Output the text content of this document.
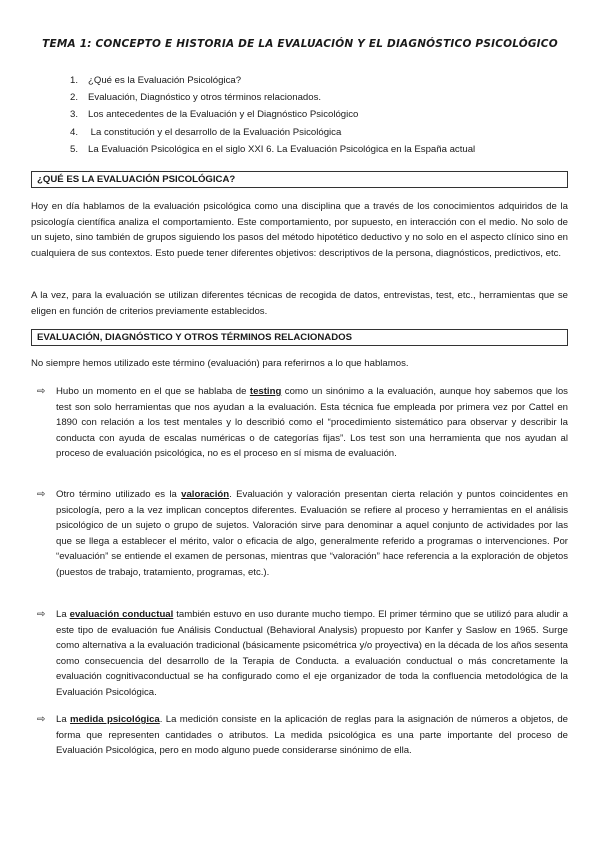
TEMA 1: CONCEPTO E HISTORIA DE LA EVALUACIÓN Y EL DIAGNÓSTICO PSICOLÓGICO
1. ¿Qué es la Evaluación Psicológica?
2. Evaluación, Diagnóstico y otros términos relacionados.
3. Los antecedentes de la Evaluación y el Diagnóstico Psicológico
4. La constitución y el desarrollo de la Evaluación Psicológica
5. La Evaluación Psicológica en el siglo XXI 6. La Evaluación Psicológica en la España actual
¿QUÉ ES LA EVALUACIÓN PSICOLÓGICA?

Hoy en día hablamos de la evaluación psicológica como una disciplina que a través de los conocimientos adquiridos de la psicología científica analiza el comportamiento. Este comportamiento, por supuesto, en interacción con el medio. No solo de un sujeto, sino también de grupos siguiendo los pasos del método hipotético deductivo y no solo en el aspecto clínico sino en cualquiera de sus contextos. Esto puede tener diferentes objetivos: descriptivos de la persona, diagnósticos, predictivos, etc.

A la vez, para la evaluación se utilizan diferentes técnicas de recogida de datos, entrevistas, test, etc., herramientas que se eligen en función de criterios previamente establecidos.

EVALUACIÓN, DIAGNÓSTICO Y OTROS TÉRMINOS RELACIONADOS

No siempre hemos utilizado este término (evaluación) para referirnos a lo que hablamos.

⇨ Hubo un momento en el que se hablaba de testing como un sinónimo a la evaluación, aunque hoy sabemos que los test son solo herramientas que nos ayudan a la evaluación. Esta técnica fue empleada por primera vez por Cattel en 1890 con relación a los test mentales y lo describió como el “procedimiento sistemático para observar y describir la conducta con ayuda de escalas numéricas o de categorías fijas”. Los test son una herramienta que nos ayudan al proceso de evaluación psicológica, no es el proceso en sí misma de evaluación.
⇨ Otro término utilizado es la valoración. Evaluación y valoración presentan cierta relación y puntos coincidentes en psicología, pero a la vez implican conceptos diferentes. Evaluación se refiere al proceso y herramientas en el análisis psicológico de un sujeto o grupo de sujetos. Valoración sirve para denominar a aquel conjunto de actividades por las que se llega a establecer el mérito, valor o eficacia de algo, generalmente referido a programas o intervenciones. Por “evaluación” se entiende el examen de personas, mientras que “valoración” hace referencia a la exploración de objetos (puestos de trabajo, tratamiento, programas, etc.).
⇨ La evaluación conductual también estuvo en uso durante mucho tiempo. El primer término que se utilizó para aludir a este tipo de evaluación fue Análisis Conductual (Behavioral Analysis) propuesto por Kanfer y Saslow en 1965. Surge como alternativa a la evaluación tradicional (básicamente psicométrica y/o proyectiva) en la década de los años sesenta como consecuencia del desarrollo de la Terapia de Conducta. a evaluación conductual o más concretamente la evaluación cognitivaconductual se ha configurado como el eje organizador de toda la confluencia metodológica de la Evaluación Psicológica.
⇨ La medida psicológica. La medición consiste en la aplicación de reglas para la asignación de números a objetos, de forma que representen cantidades o atributos. La medida psicológica es una parte importante del proceso de Evaluación Psicológica, pero en modo alguno puede considerarse sinónimo de ella.
